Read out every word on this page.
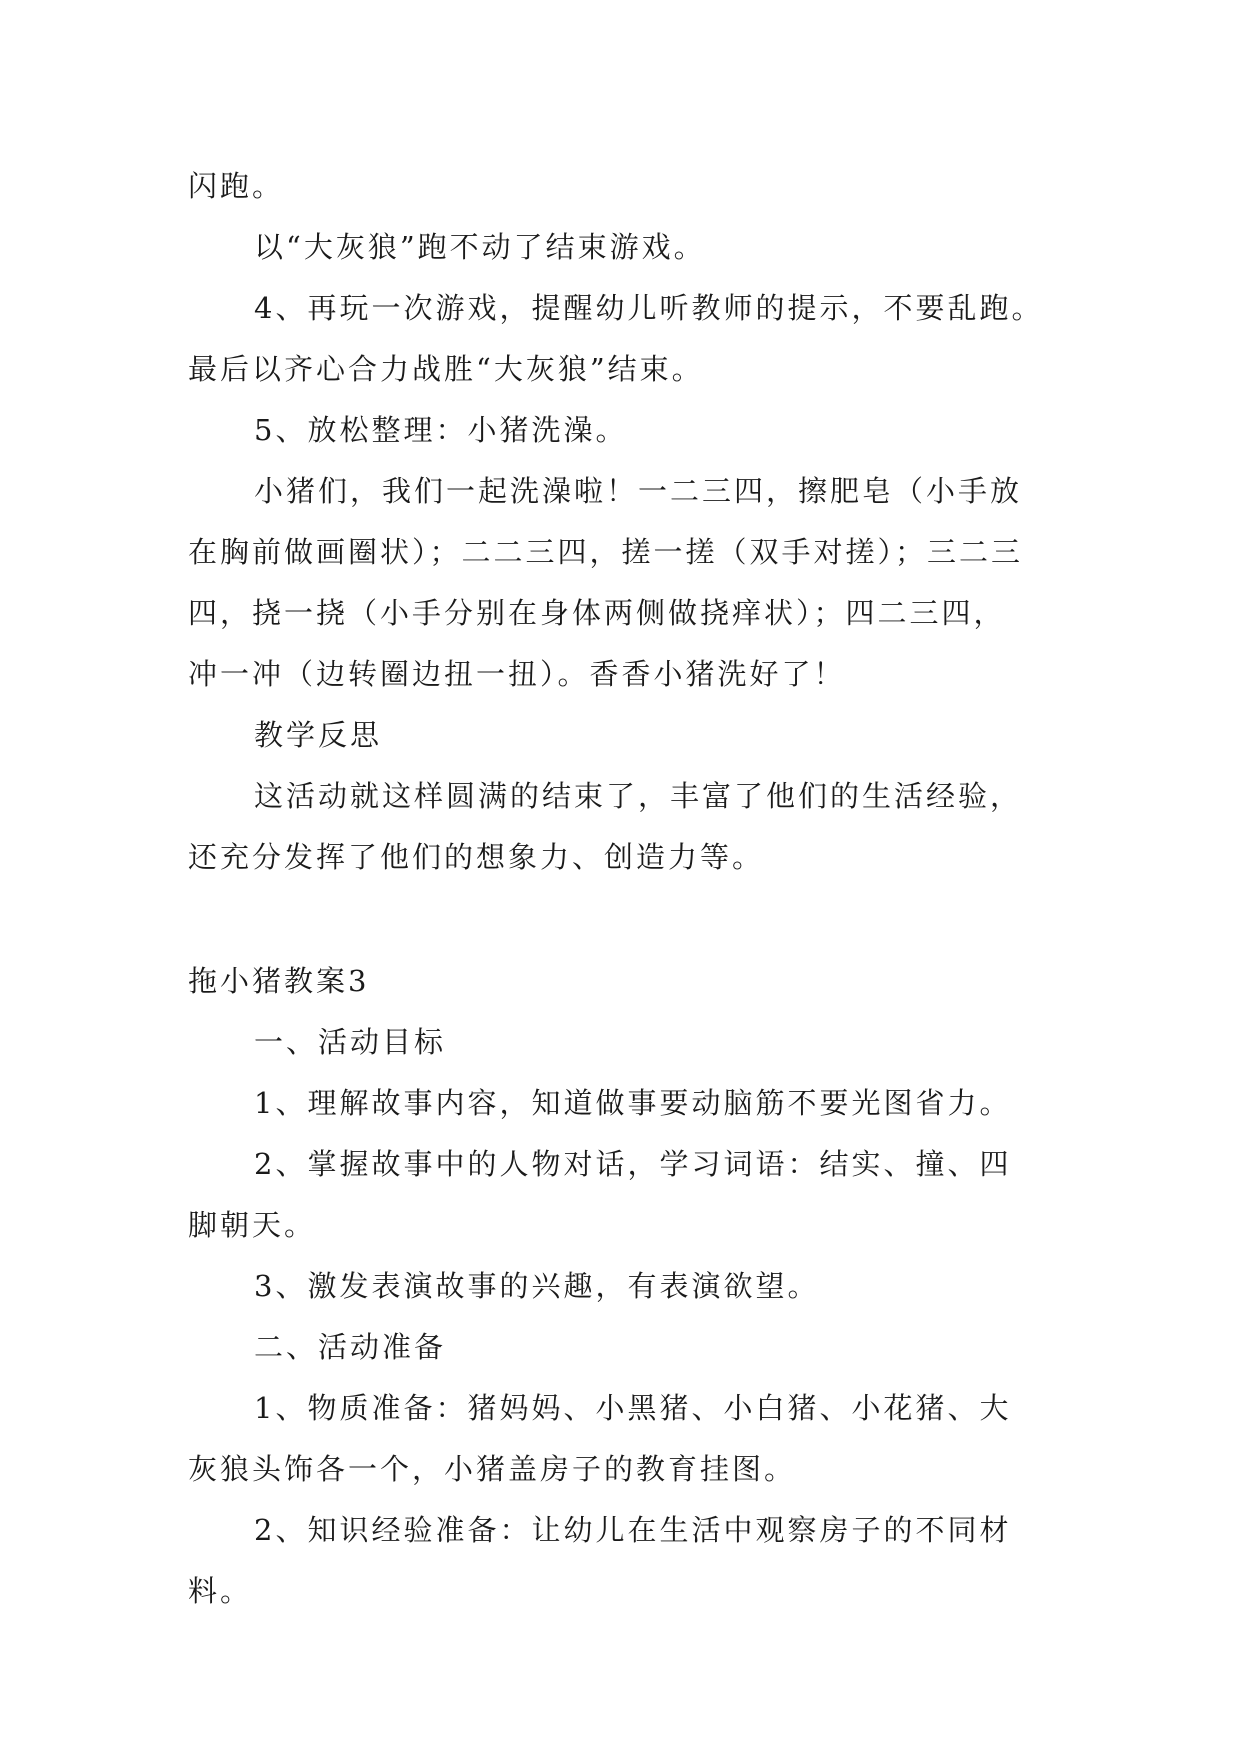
闪跑。
以“大灰狼”跑不动了结束游戏。
4、再玩一次游戏，提醒幼儿听教师的提示，不要乱跑。
最后以齐心合力战胜“大灰狼”结束。
5、放松整理：小猪洗澡。
小猪们，我们一起洗澡啦！一二三四，擦肥皂（小手放
在胸前做画圈状）；二二三四，搓一搓（双手对搓）；三二三
四，挠一挠（小手分别在身体两侧做挠痒状）；四二三四，
冲一冲（边转圈边扭一扭）。香香小猪洗好了！
教学反思
这活动就这样圆满的结束了，丰富了他们的生活经验，
还充分发挥了他们的想象力、创造力等。
拖小猪教案3
一、活动目标
1、理解故事内容，知道做事要动脑筋不要光图省力。
2、掌握故事中的人物对话，学习词语：结实、撞、四
脚朝天。
3、激发表演故事的兴趣，有表演欲望。
二、活动准备
1、物质准备：猪妈妈、小黑猪、小白猪、小花猪、大
灰狼头饰各一个，小猪盖房子的教育挂图。
2、知识经验准备：让幼儿在生活中观察房子的不同材
料。
